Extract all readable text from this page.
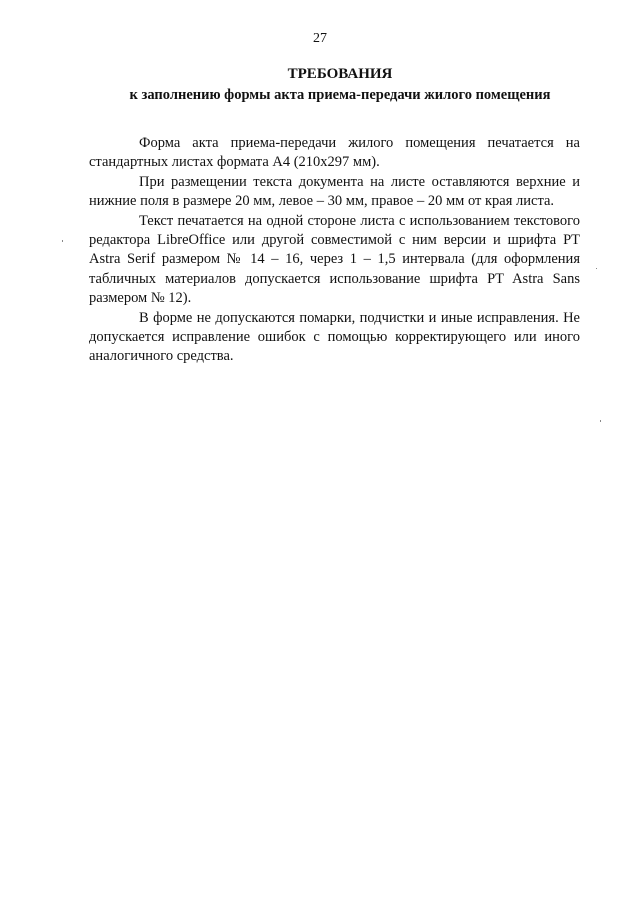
27
ТРЕБОВАНИЯ
к заполнению формы акта приема-передачи жилого помещения

Форма акта приема-передачи жилого помещения печатается на стандартных листах формата А4 (210х297 мм).

При размещении текста документа на листе оставляются верхние и нижние поля в размере 20 мм, левое – 30 мм, правое – 20 мм от края листа.

Текст печатается на одной стороне листа с использованием текстового редактора LibreOffice или другой совместимой с ним версии и шрифта PT Astra Serif размером № 14 – 16, через 1 – 1,5 интервала (для оформления табличных материалов допускается использование шрифта PT Astra Sans размером № 12).

В форме не допускаются помарки, подчистки и иные исправления. Не допускается исправление ошибок с помощью корректирующего или иного аналогичного средства.
